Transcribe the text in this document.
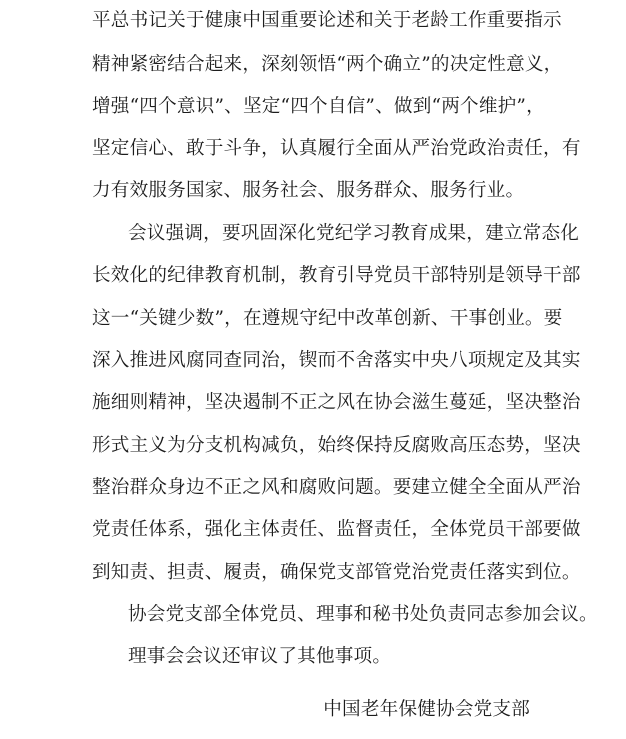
平总书记关于健康中国重要论述和关于老龄工作重要指示
精神紧密结合起来，深刻领悟“两个确立”的决定性意义，
增强“四个意识”、坚定“四个自信”、做到“两个维护”，
坚定信心、敢于斗争，认真履行全面从严治党政治责任，有
力有效服务国家、服务社会、服务群众、服务行业。
会议强调，要巩固深化党纪学习教育成果，建立常态化
长效化的纪律教育机制，教育引导党员干部特别是领导干部
这一“关键少数”，在遵规守纪中改革创新、干事创业。要
深入推进风腐同查同治，锲而不舍落实中央八项规定及其实
施细则精神，坚决遏制不正之风在协会滋生蔓延，坚决整治
形式主义为分支机构减负，始终保持反腐败高压态势，坚决
整治群众身边不正之风和腐败问题。要建立健全全面从严治
党责任体系，强化主体责任、监督责任，全体党员干部要做
到知责、担责、履责，确保党支部管党治党责任落实到位。
协会党支部全体党员、理事和秘书处负责同志参加会议。
理事会会议还审议了其他事项。
中国老年保健协会党支部
